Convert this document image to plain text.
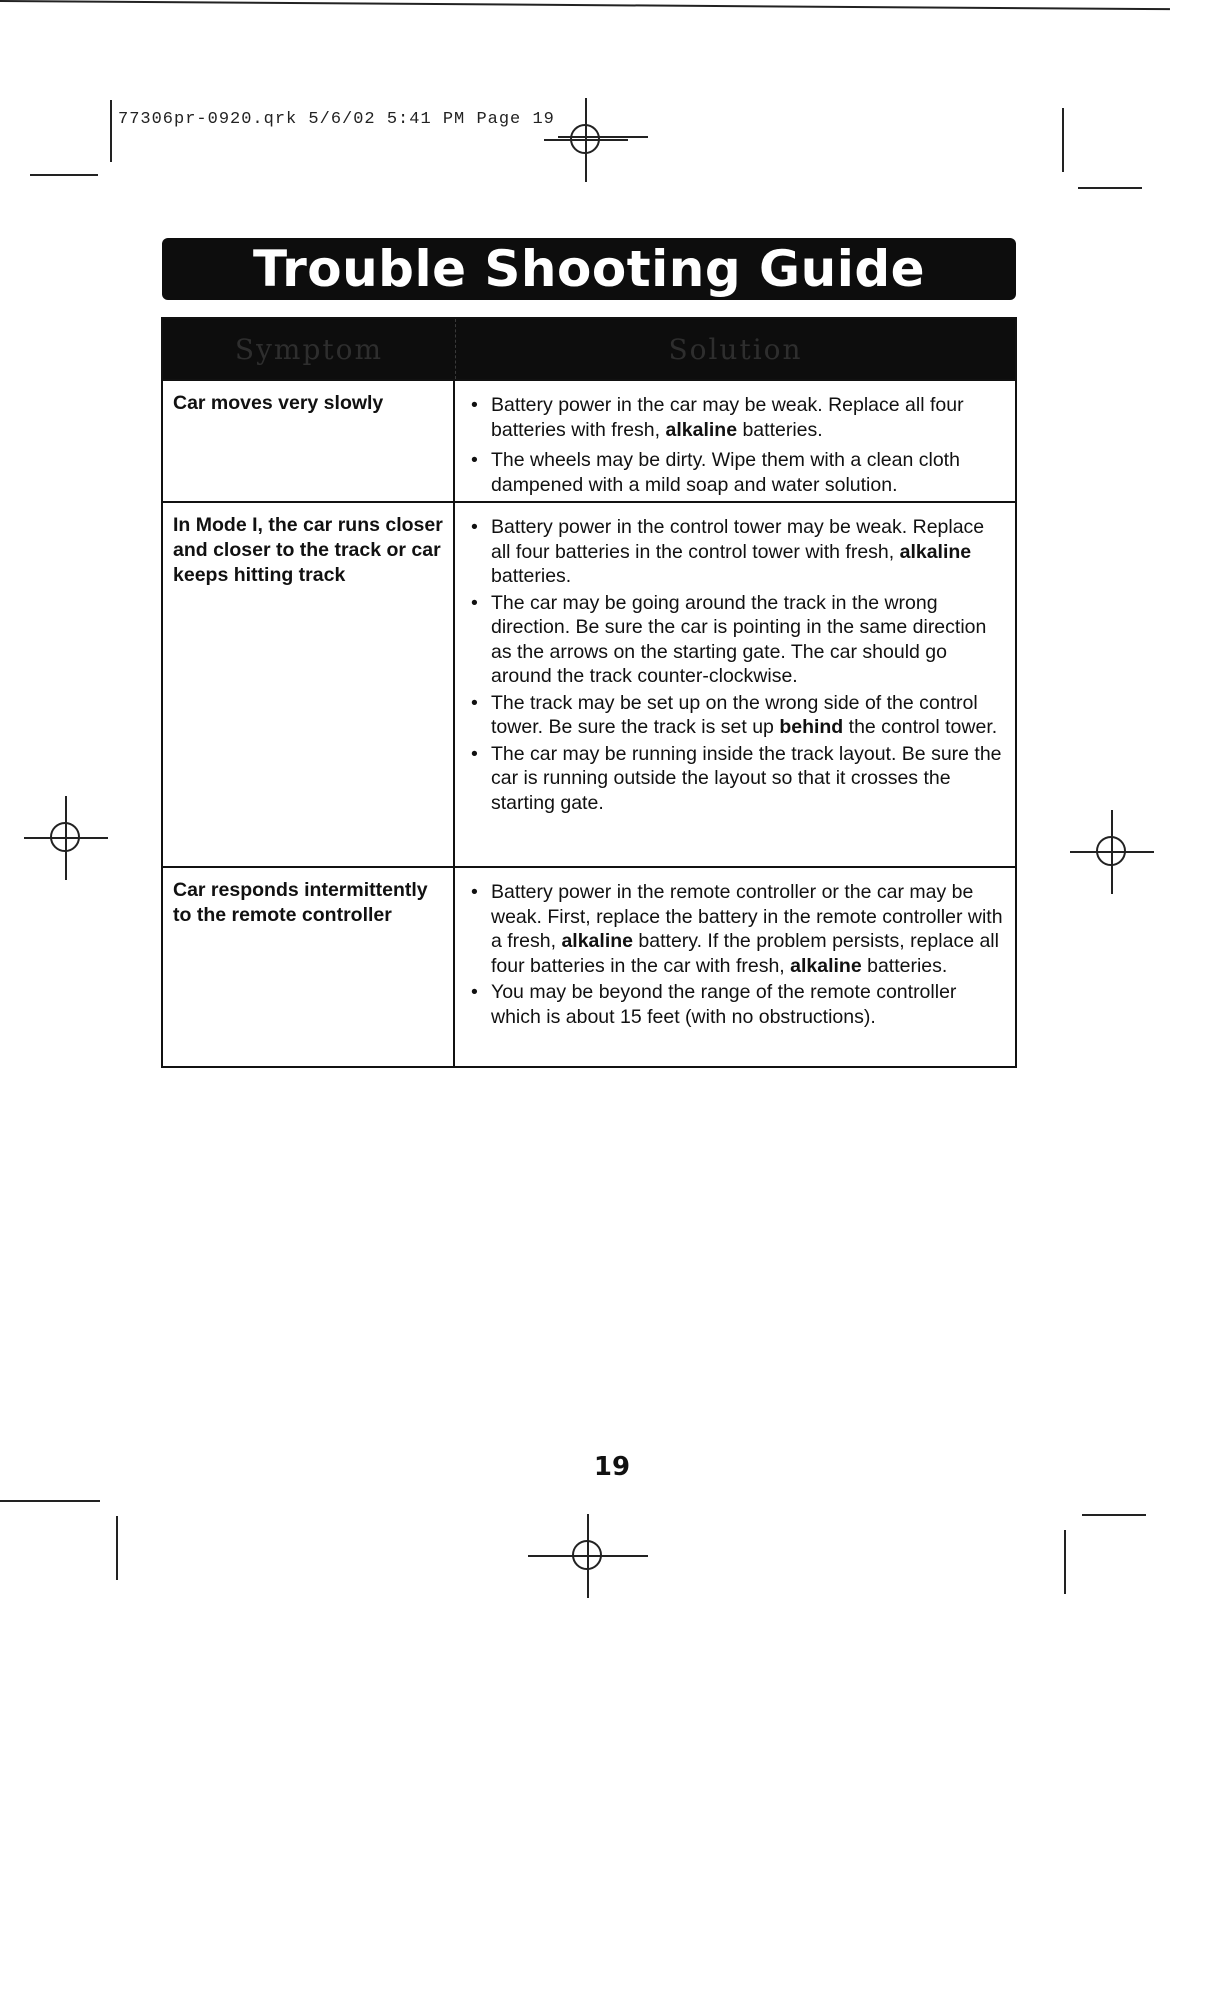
77306pr-0920.qrk 5/6/02 5:41 PM Page 19
Trouble Shooting Guide
Symptom	Solution
Car moves very slowly
•	Battery power in the car may be weak. Replace all four batteries with fresh, alkaline batteries.
• The wheels may be dirty. Wipe them with a clean cloth dampened with a mild soap and water solution.
In Mode I, the car runs closer and closer to the track or car keeps hitting track
• Battery power in the control tower may be weak. Replace all four batteries in the control tower with fresh, alkaline batteries.
• The car may be going around the track in the wrong direction. Be sure the car is pointing in the same direction as the arrows on the starting gate. The car should go around the track counter-clockwise.
• The track may be set up on the wrong side of the control tower. Be sure the track is set up behind the control tower.
• The car may be running inside the track layout. Be sure the car is running outside the layout so that it crosses the starting gate.
Car responds intermittently to the remote controller
• Battery power in the remote controller or the car may be weak. First, replace the battery in the remote controller with a fresh, alkaline battery. If the problem persists, replace all four batteries in the car with fresh, alkaline batteries.
• You may be beyond the range of the remote controller which is about 15 feet (with no obstructions).
19
